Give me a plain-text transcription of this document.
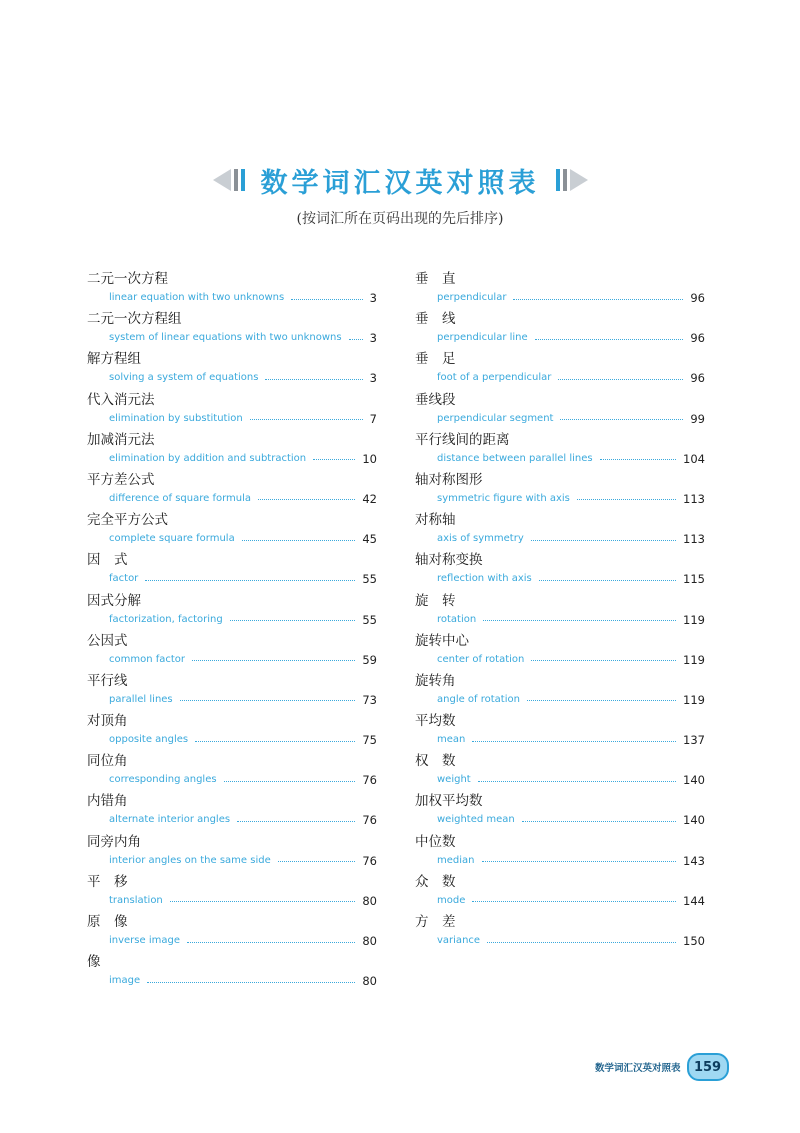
数学词汇汉英对照表
(按词汇所在页码出现的先后排序)
二元一次方程
linear equation with two unknowns	3
二元一次方程组
system of linear equations with two unknowns 3
解方程组
solving a system of equations	3
代入消元法
elimination by substitution	7
加减消元法
elimination by addition and subtraction	10
平方差公式
difference of square formula	42
完全平方公式
complete square formula	45
因　式
factor	55
因式分解
factorization, factoring	55
公因式
common factor	59
平行线
parallel lines	73
对顶角
opposite angles	75
同位角
corresponding angles	76
内错角
alternate interior angles	76
同旁内角
interior angles on the same side	76
平　移
translation	80
原　像
inverse image	80
像
image	80
垂　直
perpendicular	96
垂　线
perpendicular line	96
垂　足
foot of a perpendicular	96
垂线段
perpendicular segment	99
平行线间的距离
distance between parallel lines	104
轴对称图形
symmetric figure with axis	113
对称轴
axis of symmetry	113
轴对称变换
reflection with axis	115
旋　转
rotation	119
旋转中心
center of rotation	119
旋转角
angle of rotation	119
平均数
mean	137
权　数
weight	140
加权平均数
weighted mean	140
中位数
median	143
众　数
mode	144
方　差
variance	150
数学词汇汉英对照表	159
